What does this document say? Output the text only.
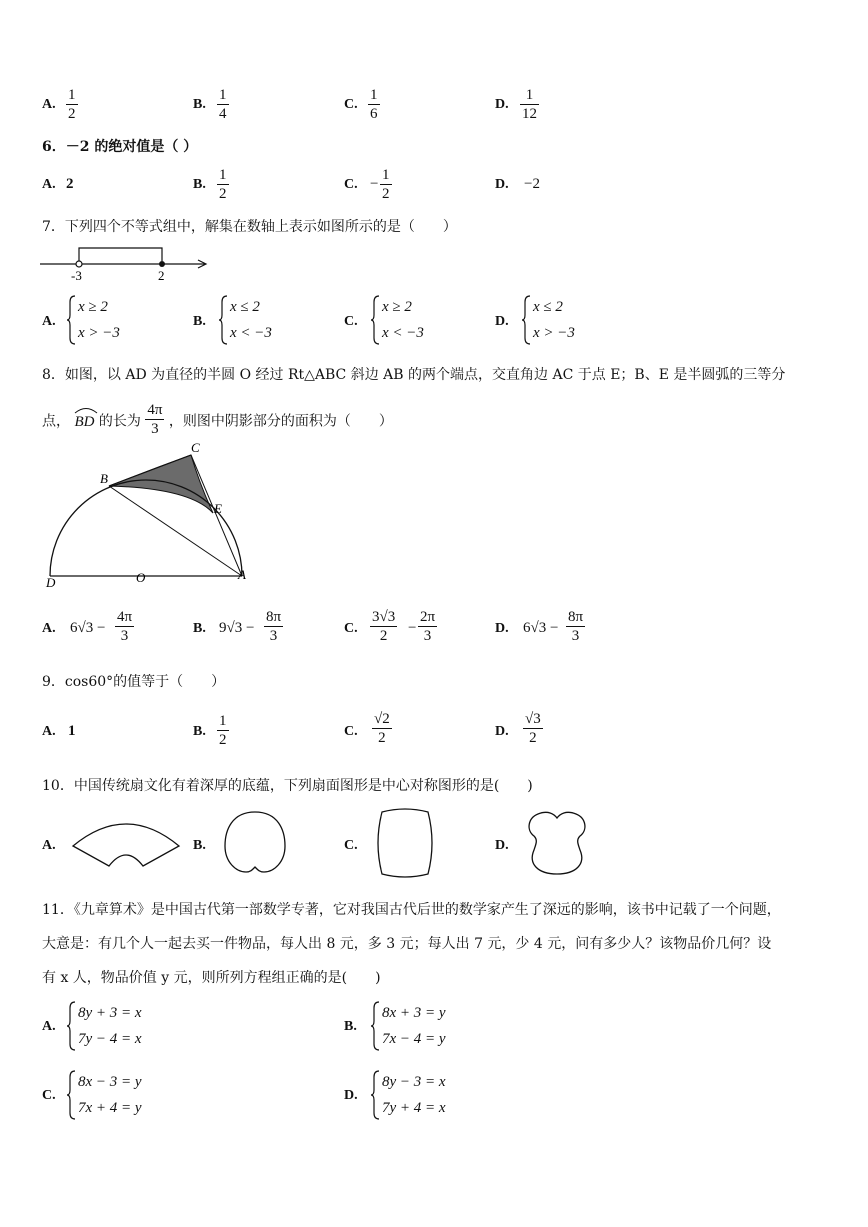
A. $\frac{1}{2}$	B. $\frac{1}{4}$	C. $\frac{1}{6}$	D. $\frac{1}{12}$
6．－2 的绝对值是（ ）
A. 2	B. $\frac{1}{2}$	C. − $\frac{1}{2}$	D. −2
7．下列四个不等式组中，解集在数轴上表示如图所示的是（　　）
-3	2
A.
x ≥ 2
x > −3
B.
x ≤ 2
x < −3
C.
x ≥ 2
x < −3
D.
x ≤ 2
x > −3
8．如图，以 AD 为直径的半圆 O 经过 Rt△ABC 斜边 AB 的两个端点，交直角边 AC 于点 E；B、E 是半圆弧的三等分
点， BD 的长为 $\frac{4\pi}{3}$ ，则图中阴影部分的面积为（　　）
C
B
E
D	O	A
A. $6√3 - \frac{4\pi}{3}$	B. $9√3 - \frac{8\pi}{3}$	C. $\frac{3√3}{2} - \frac{2\pi}{3}$	D. $6√3 - \frac{8\pi}{3}$
9．cos60°的值等于（　　）
A. 1	B. $\frac{1}{2}$	C. $\frac{√2}{2}$	D. $\frac{√3}{2}$
10．中国传统扇文化有着深厚的底蕴，下列扇面图形是中心对称图形的是(　　)
A.	B.	C.	D.
11．《九章算术》是中国古代第一部数学专著，它对我国古代后世的数学家产生了深远的影响，该书中记载了一个问题，
大意是：有几个人一起去买一件物品，每人出 8 元，多 3 元；每人出 7 元，少 4 元，问有多少人？该物品价几何？设
有 x 人，物品价值 y 元，则所列方程组正确的是(　　)
A.
8y + 3 = x
7y − 4 = x
B.
8x + 3 = y
7x − 4 = y
C.
8x − 3 = y
7x + 4 = y
D.
8y − 3 = x
7y + 4 = x
